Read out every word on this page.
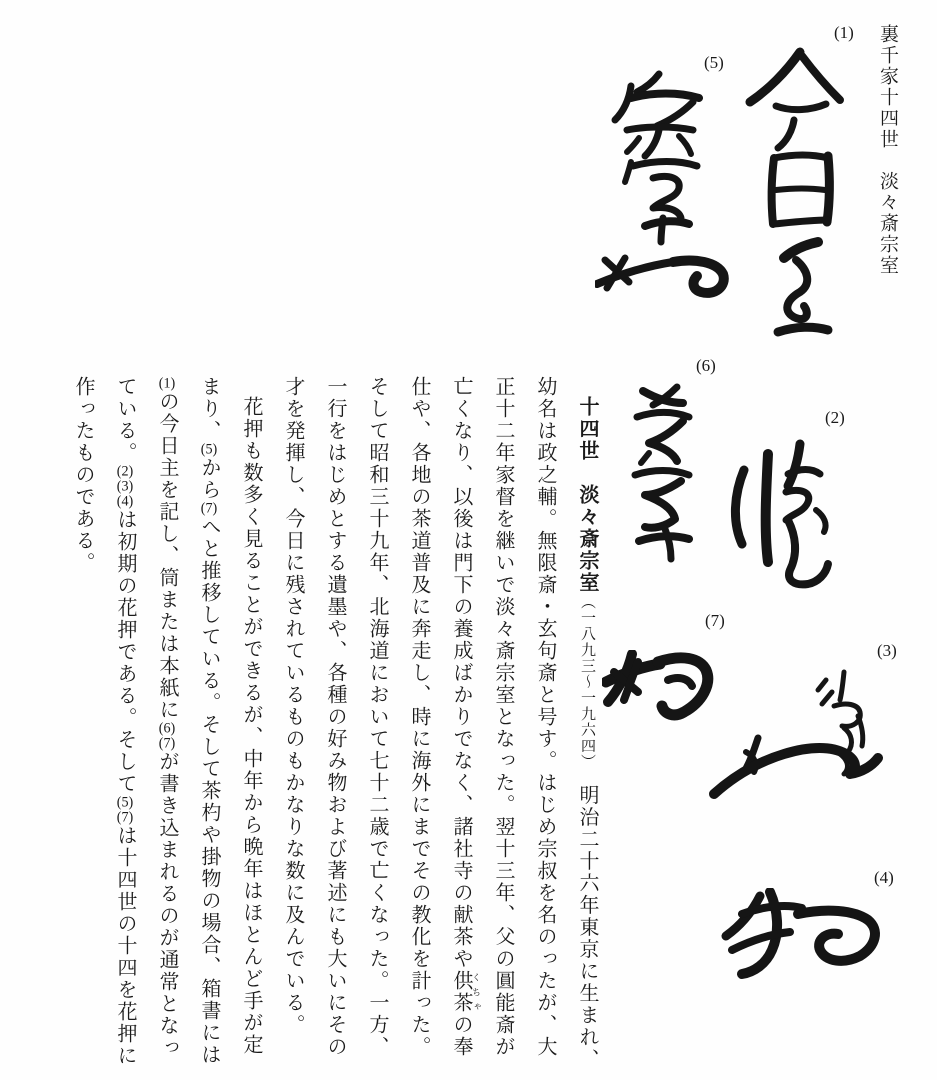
裏千家十四世　淡々斎宗室
(1)
(2)
(3)
(4)
(5)
(6)
(7)

十四世　淡々斎宗室（一八九三〜一九六四）　明治二十六年東京に生まれ、幼名は政之輔。無限斎・玄句斎と号す。はじめ宗叔を名のったが、大正十二年家督を継いで淡々斎宗室となった。翌十三年、父の圓能斎が亡くなり、以後は門下の養成ばかりでなく、諸社寺の献茶や供茶 くちゃの奉仕や、各地の茶道普及に奔走し、時に海外にまでその教化を計った。そして昭和三十九年、北海道において七十二歳で亡くなった。一方、一行をはじめとする遺墨や、各種の好み物および著述にも大いにその才を発揮し、今日に残されているものもかなりな数に及んでいる。

花押も数多く見ることができるが、中年から晩年はほとんど手が定まり、(5)から(7)へと推移している。そして茶杓や掛物の場合、箱書には(1)の今日主を記し、筒または本紙に(6)(7)が書き込まれるのが通常となっている。(2)(3)(4)は初期の花押である。そして(5)(7)は十四世の十四を花押に作ったものである。
